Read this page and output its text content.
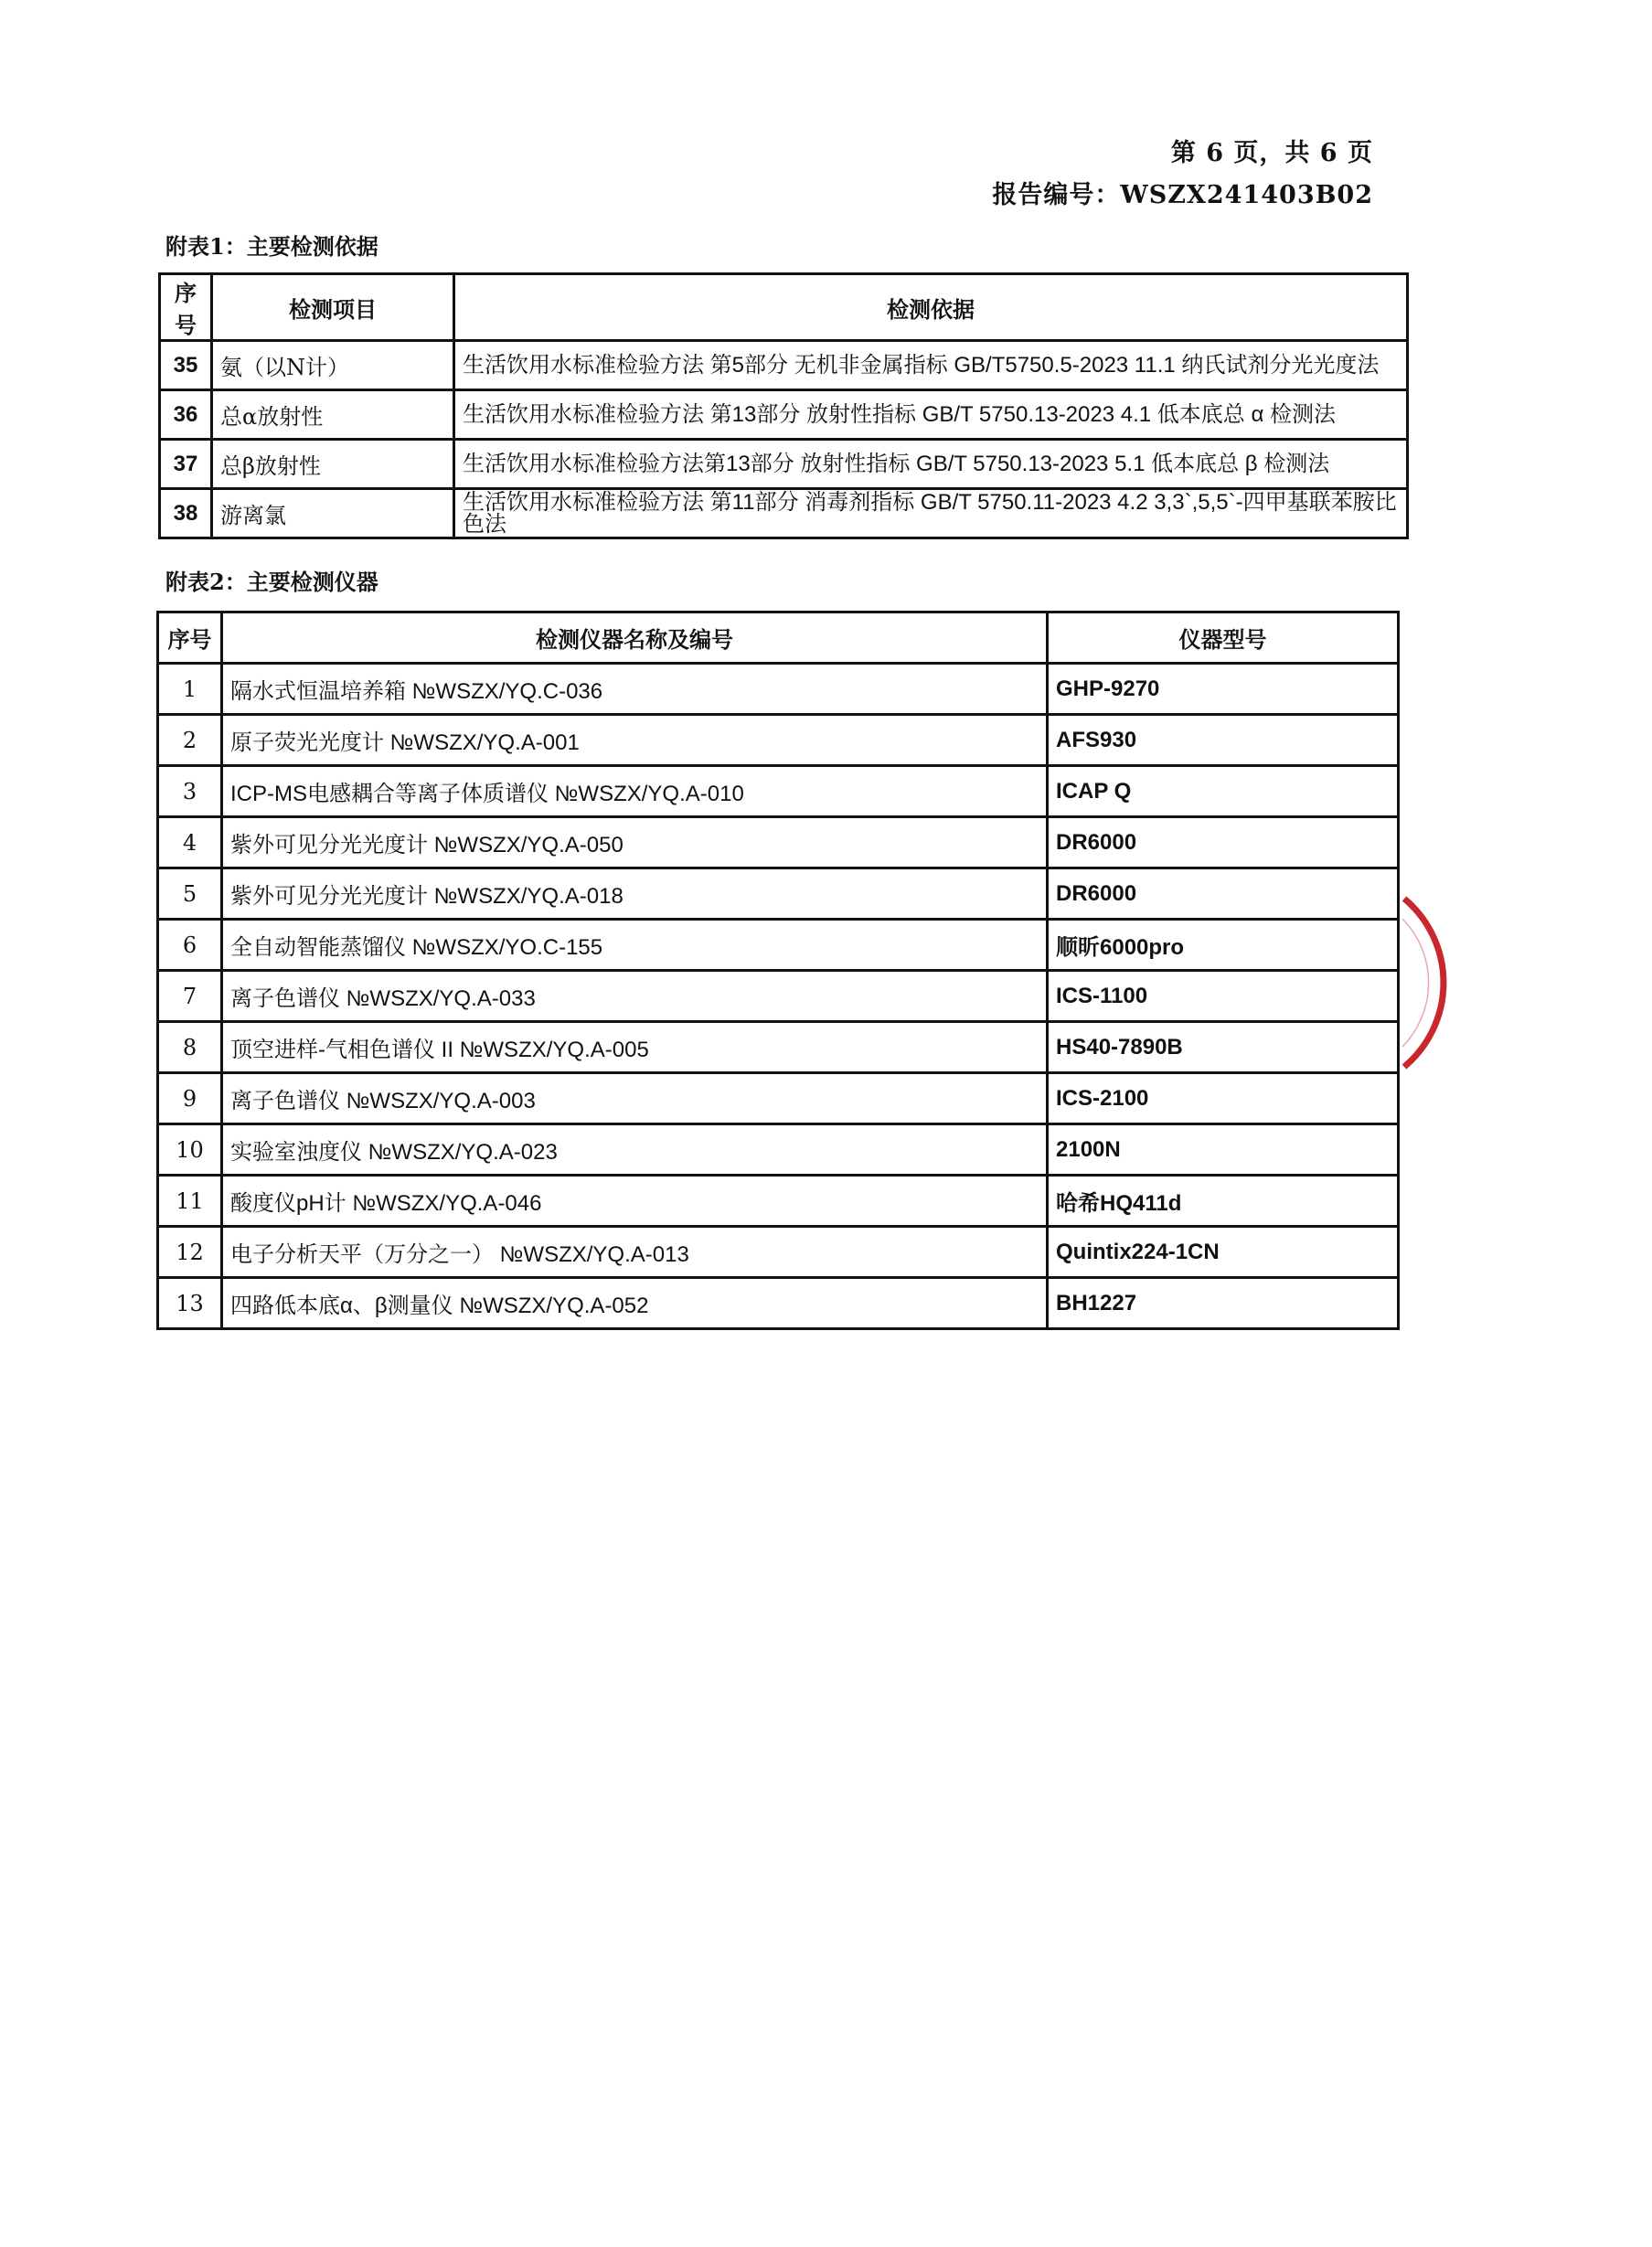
第 6 页，共 6 页
报告编号：WSZX241403B02
附表1：主要检测依据
序号	检测项目	检测依据
35	氨（以N计）	生活饮用水标准检验方法 第5部分 无机非金属指标 GB/T5750.5-2023 11.1 纳氏试剂分光光度法
36	总α放射性	生活饮用水标准检验方法 第13部分 放射性指标 GB/T 5750.13-2023 4.1 低本底总 α 检测法
37	总β放射性	生活饮用水标准检验方法第13部分 放射性指标 GB/T 5750.13-2023 5.1 低本底总 β 检测法
38	游离氯	生活饮用水标准检验方法 第11部分 消毒剂指标 GB/T 5750.11-2023 4.2 3,3`,5,5`-四甲基联苯胺比色法
附表2：主要检测仪器
序号	检测仪器名称及编号	仪器型号
1	隔水式恒温培养箱 №WSZX/YQ.C-036	GHP-9270
2	原子荧光光度计 №WSZX/YQ.A-001	AFS930
3	ICP-MS电感耦合等离子体质谱仪 №WSZX/YQ.A-010	ICAP Q
4	紫外可见分光光度计 №WSZX/YQ.A-050	DR6000
5	紫外可见分光光度计 №WSZX/YQ.A-018	DR6000
6	全自动智能蒸馏仪 №WSZX/YO.C-155	顺昕6000pro
7	离子色谱仪 №WSZX/YQ.A-033	ICS-1100
8	顶空进样-气相色谱仪 II №WSZX/YQ.A-005	HS40-7890B
9	离子色谱仪 №WSZX/YQ.A-003	ICS-2100
10	实验室浊度仪 №WSZX/YQ.A-023	2100N
11	酸度仪pH计 №WSZX/YQ.A-046	哈希HQ411d
12	电子分析天平（万分之一） №WSZX/YQ.A-013	Quintix224-1CN
13	四路低本底α、β测量仪 №WSZX/YQ.A-052	BH1227
